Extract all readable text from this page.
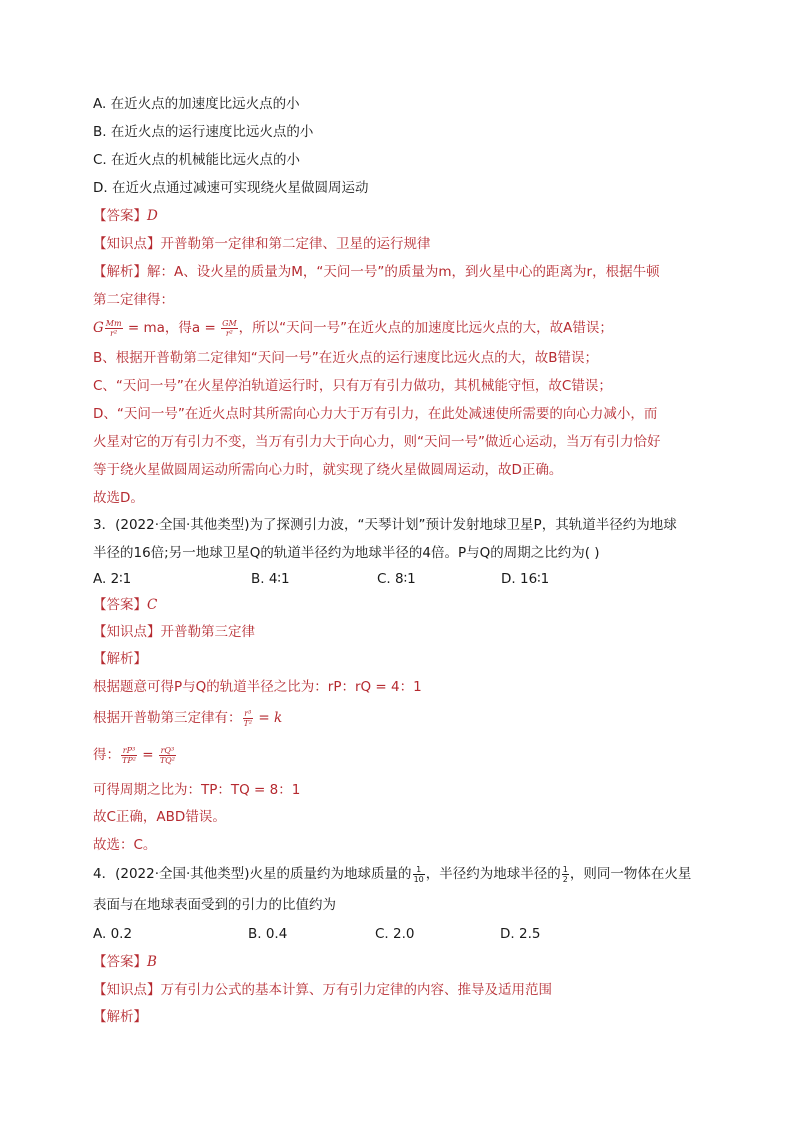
A. 在近火点的加速度比远火点的小
B. 在近火点的运行速度比远火点的小
C. 在近火点的机械能比远火点的小
D. 在近火点通过减速可实现绕火星做圆周运动
【答案】D
【知识点】开普勒第一定律和第二定律、卫星的运行规律
【解析】解：A、设火星的质量为M，“天问一号”的质量为m，到火星中心的距离为r，根据牛顿
第二定律得：
G $\frac{Mm}{\text{r²}}$ = ma，得$a = \frac{GM}{\text{r²}}$ ，所以“天问一号”在近火点的加速度比远火点的大，故A错误；
B、根据开普勒第二定律知“天问一号”在近火点的运行速度比远火点的大，故B错误；
C、“天问一号”在火星停泊轨道运行时，只有万有引力做功，其机械能守恒，故C错误；
D、“天问一号”在近火点时其所需向心力大于万有引力，在此处减速使所需要的向心力减小，而
火星对它的万有引力不变，当万有引力大于向心力，则“天问一号”做近心运动，当万有引力恰好
等于绕火星做圆周运动所需向心力时，就实现了绕火星做圆周运动，故D正确。
故选D。
3．(2022·全国·其他类型)为了探测引力波，“天琴计划”预计发射地球卫星P，其轨道半径约为地球
半径的16倍;另一地球卫星Q的轨道半径约为地球半径的4倍。P与Q的周期之比约为( )
A. 2∶1	B. 4∶1	C. 8∶1	D. 16∶1
【答案】C
【知识点】开普勒第三定律
【解析】
根据题意可得P与Q的轨道半径之比为：rP：rQ = 4：1
根据开普勒第三定律有： $\frac{\text{r³}}{\text{T²}} = k$
得： $\frac{\text{rP³}}{\text{TP²}} = \frac{\text{rQ³}}{\text{TQ²}}$
可得周期之比为：TP：TQ = 8：1
故C正确，ABD错误。
故选：C。
4．(2022·全国·其他类型)火星的质量约为地球质量的 $\frac{1}{10}$ ，半径约为地球半径的 $\frac{1}{2}$ ，则同一物体在火星
表面与在地球表面受到的引力的比值约为
A. 0.2	B. 0.4	C. 2.0	D. 2.5
【答案】B
【知识点】万有引力公式的基本计算、万有引力定律的内容、推导及适用范围
【解析】
